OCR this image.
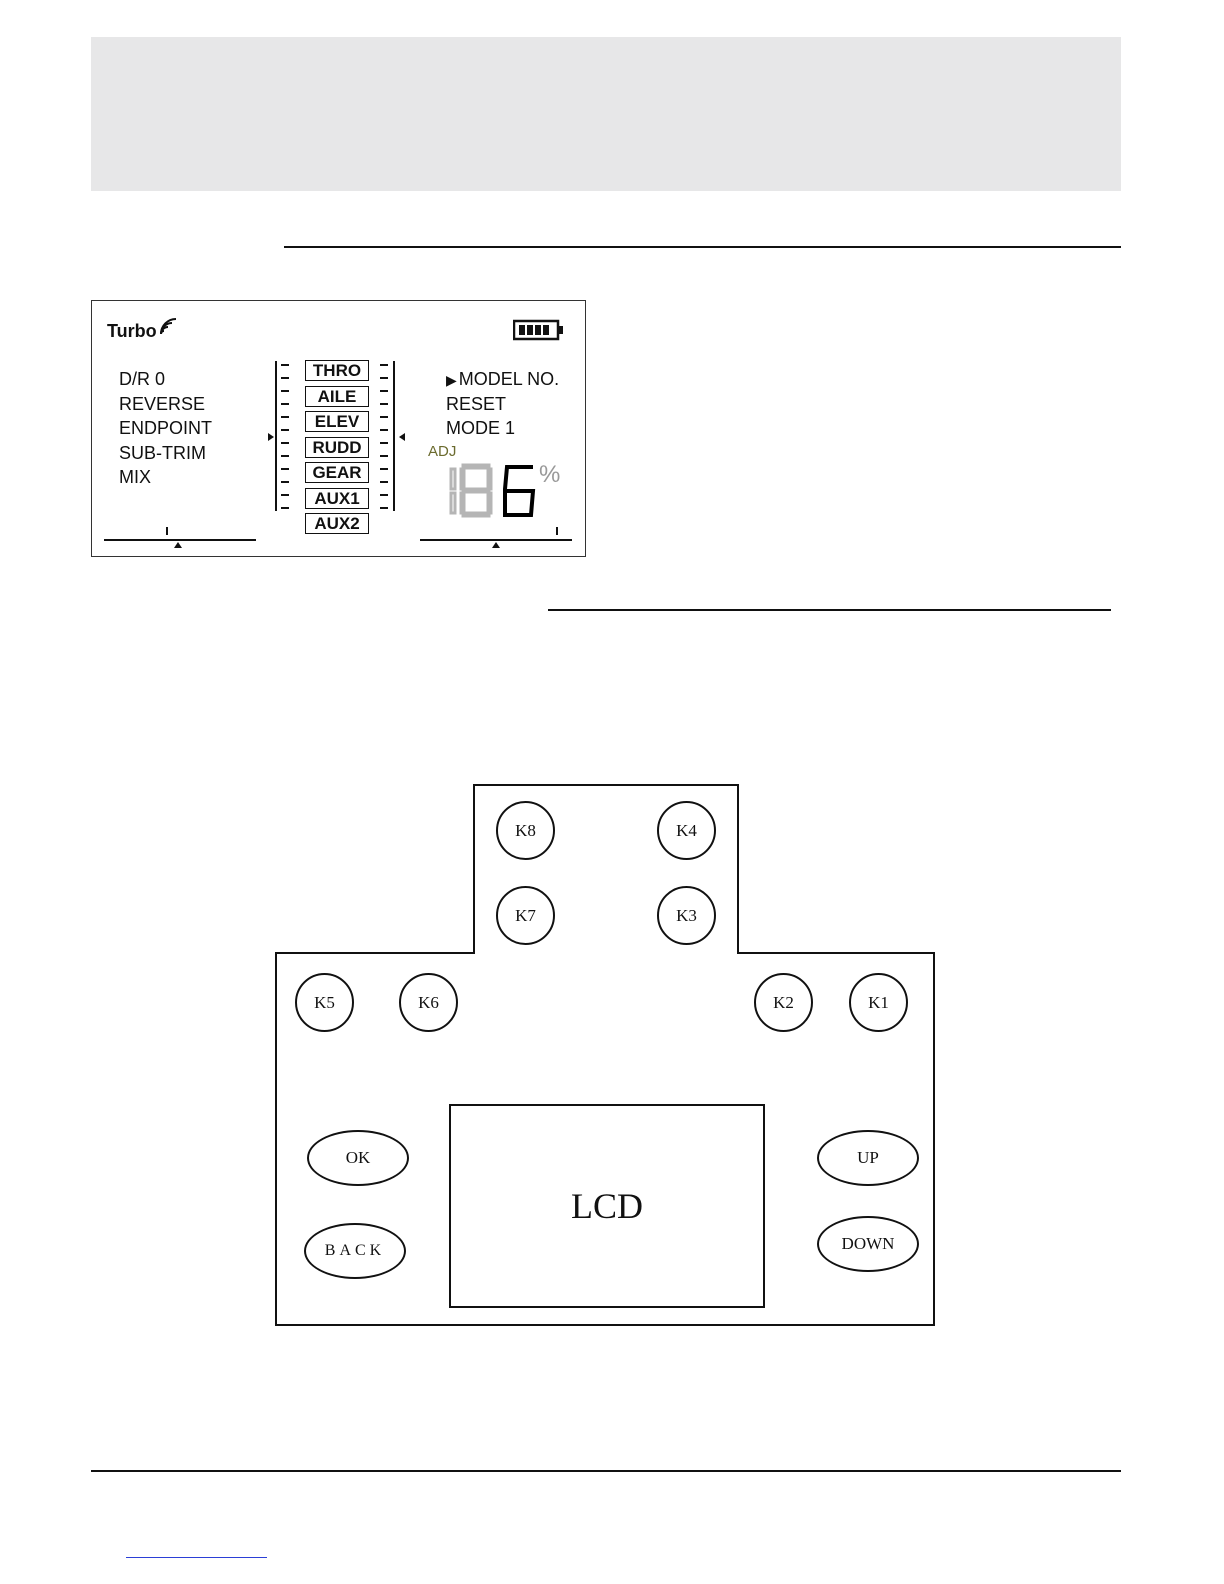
Turbo
D/R 0
REVERSE
ENDPOINT
SUB-TRIM
MIX
THRO
AILE
ELEV
RUDD
GEAR
AUX1
AUX2
▶ MODEL NO.
RESET
MODE 1
ADJ
%
K8	K4
K7	K3
K5	K6	K2	K1
OK
BACK
UP
DOWN
LCD
